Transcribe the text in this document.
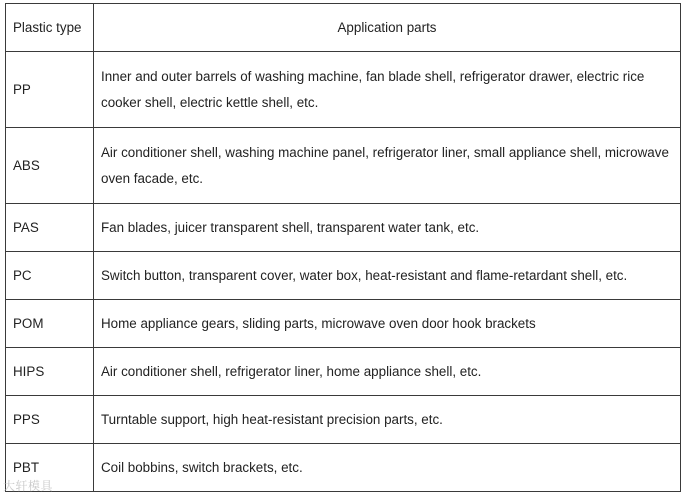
Plastic type	Application parts
PP	Inner and outer barrels of washing machine, fan blade shell, refrigerator drawer, electric rice cooker shell, electric kettle shell, etc.
ABS	Air conditioner shell, washing machine panel, refrigerator liner, small appliance shell, microwave oven facade, etc.
PAS	Fan blades, juicer transparent shell, transparent water tank, etc.
PC	Switch button, transparent cover, water box, heat-resistant and flame-retardant shell, etc.
POM	Home appliance gears, sliding parts, microwave oven door hook brackets
HIPS	Air conditioner shell, refrigerator liner, home appliance shell, etc.
PPS	Turntable support, high heat-resistant precision parts, etc.
PBT	Coil bobbins, switch brackets, etc.
大轩模具
